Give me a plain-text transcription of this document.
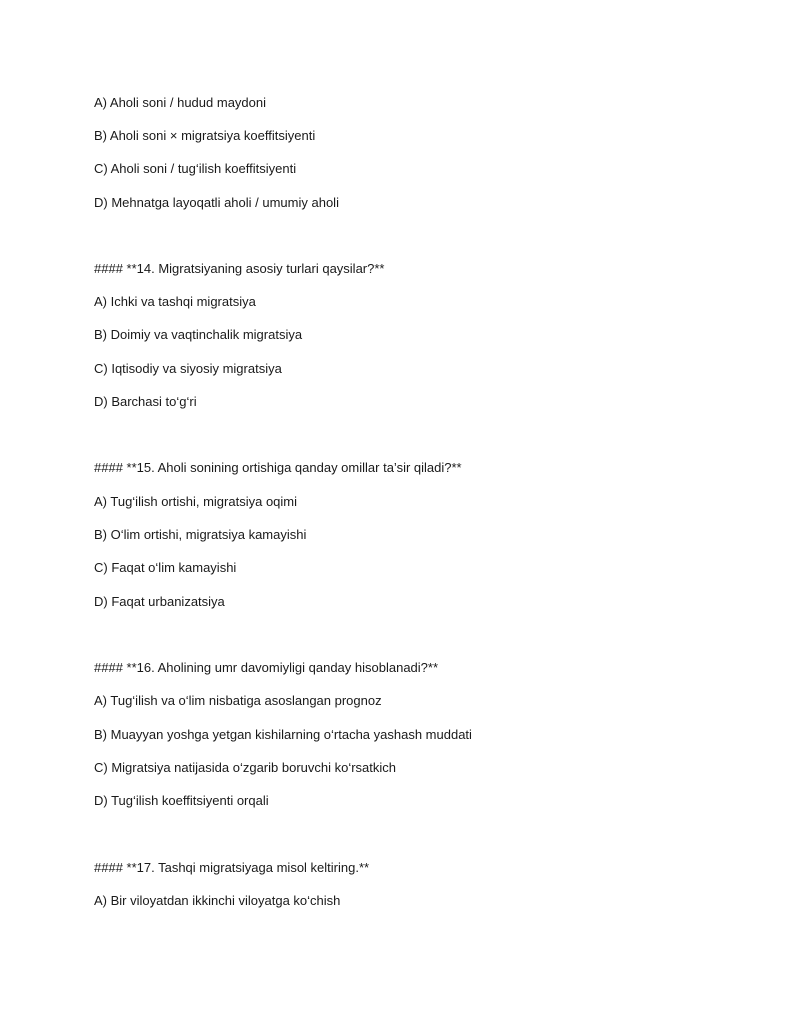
A) Aholi soni / hudud maydoni
B) Aholi soni × migratsiya koeffitsiyenti
C) Aholi soni / tug‘ilish koeffitsiyenti
D) Mehnatga layoqatli aholi / umumiy aholi
#### **14. Migratsiyaning asosiy turlari qaysilar?**
A) Ichki va tashqi migratsiya
B) Doimiy va vaqtinchalik migratsiya
C) Iqtisodiy va siyosiy migratsiya
D) Barchasi to‘g‘ri
#### **15. Aholi sonining ortishiga qanday omillar ta’sir qiladi?**
A) Tug‘ilish ortishi, migratsiya oqimi
B) O‘lim ortishi, migratsiya kamayishi
C) Faqat o‘lim kamayishi
D) Faqat urbanizatsiya
#### **16. Aholining umr davomiyligi qanday hisoblanadi?**
A) Tug‘ilish va o‘lim nisbatiga asoslangan prognoz
B) Muayyan yoshga yetgan kishilarning o‘rtacha yashash muddati
C) Migratsiya natijasida o‘zgarib boruvchi ko‘rsatkich
D) Tug‘ilish koeffitsiyenti orqali
#### **17. Tashqi migratsiyaga misol keltiring.**
A) Bir viloyatdan ikkinchi viloyatga ko‘chish
